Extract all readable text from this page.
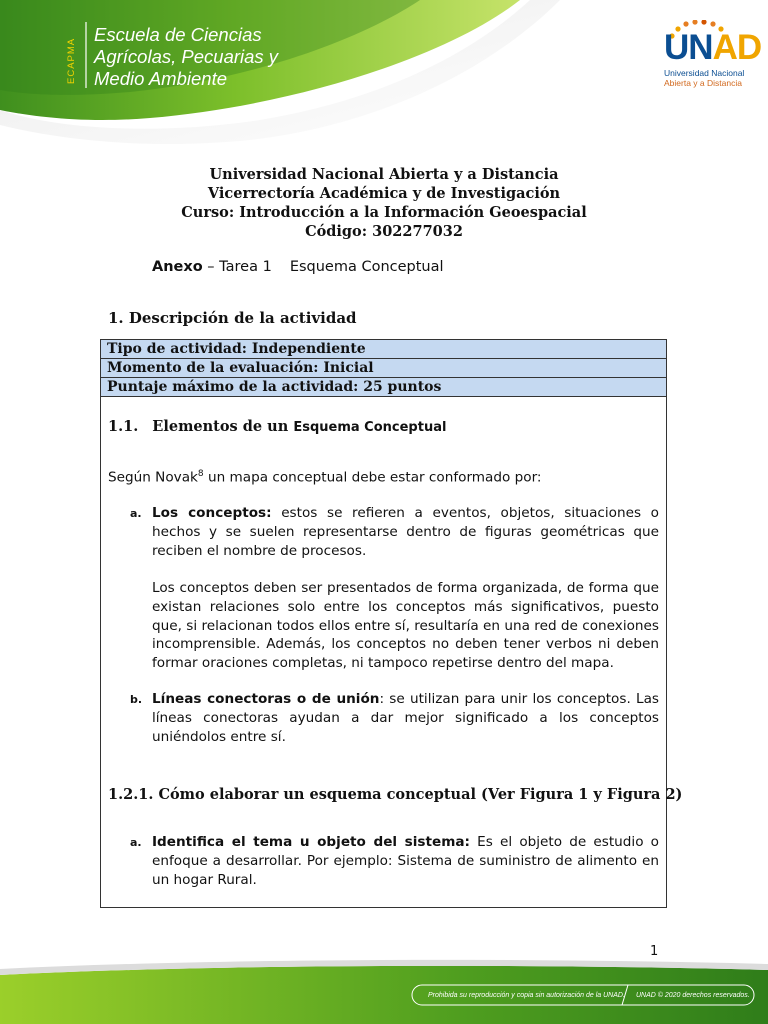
ECAPMA
Escuela de Ciencias
Agrícolas, Pecuarias y
Medio Ambiente
UNAD
Universidad Nacional
Abierta y a Distancia
Universidad Nacional Abierta y a Distancia
Vicerrectoría Académica y de Investigación
Curso: Introducción a la Información Geoespacial
Código: 302277032
Anexo – Tarea 1 Esquema Conceptual
1. Descripción de la actividad
Tipo de actividad: Independiente
Momento de la evaluación: Inicial
Puntaje máximo de la actividad: 25 puntos
1.1. Elementos de un Esquema Conceptual
Según Novak$^8$ un mapa conceptual debe estar conformado por:
a. Los conceptos: estos se refieren a eventos, objetos, situaciones o hechos y se suelen representarse dentro de figuras geométricas que reciben el nombre de procesos.
Los conceptos deben ser presentados de forma organizada, de forma que existan relaciones solo entre los conceptos más significativos, puesto que, si relacionan todos ellos entre sí, resultaría en una red de conexiones incomprensible. Además, los conceptos no deben tener verbos ni deben formar oraciones completas, ni tampoco repetirse dentro del mapa.
b. Líneas conectoras o de unión: se utilizan para unir los conceptos. Las líneas conectoras ayudan a dar mejor significado a los conceptos uniéndolos entre sí.
1.2.1. Cómo elaborar un esquema conceptual (Ver Figura 1 y Figura 2)
a. Identifica el tema u objeto del sistema: Es el objeto de estudio o enfoque a desarrollar. Por ejemplo: Sistema de suministro de alimento en un hogar Rural.
1
Prohibida su reproducción y copia sin autorización de la UNAD. UNAD © 2020 derechos reservados.
